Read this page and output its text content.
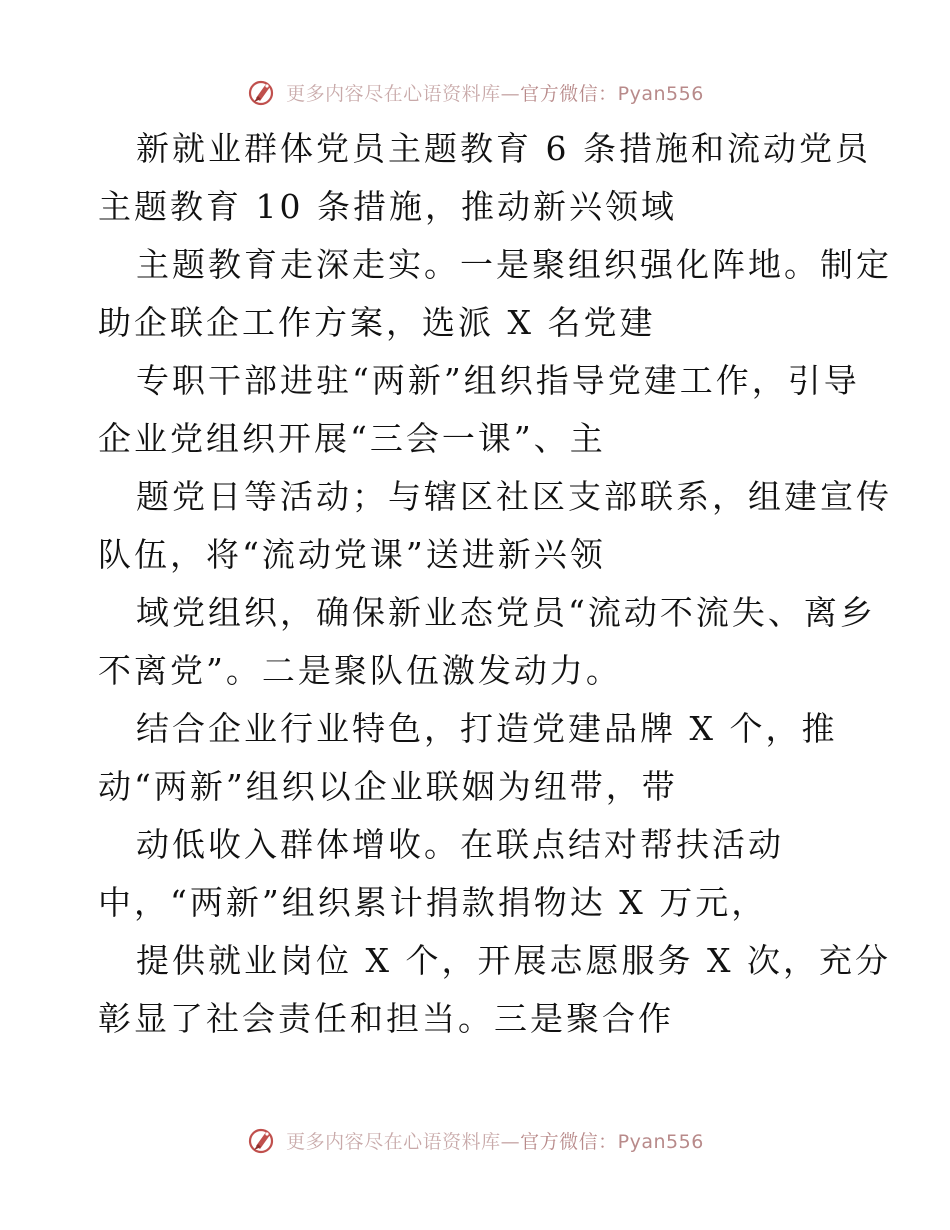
更多内容尽在心语资料库—官方微信：Pyan556
新就业群体党员主题教育 6 条措施和流动党员
主题教育 10 条措施，推动新兴领域
主题教育走深走实。一是聚组织强化阵地。制定
助企联企工作方案，选派 X 名党建
专职干部进驻“两新”组织指导党建工作，引导
企业党组织开展“三会一课”、主
题党日等活动；与辖区社区支部联系，组建宣传
队伍，将“流动党课”送进新兴领
域党组织，确保新业态党员“流动不流失、离乡
不离党”。二是聚队伍激发动力。
结合企业行业特色，打造党建品牌 X 个，推
动“两新”组织以企业联姻为纽带，带
动低收入群体增收。在联点结对帮扶活动
中，“两新”组织累计捐款捐物达 X 万元，
提供就业岗位 X 个，开展志愿服务 X 次，充分
彰显了社会责任和担当。三是聚合作
更多内容尽在心语资料库—官方微信：Pyan556
